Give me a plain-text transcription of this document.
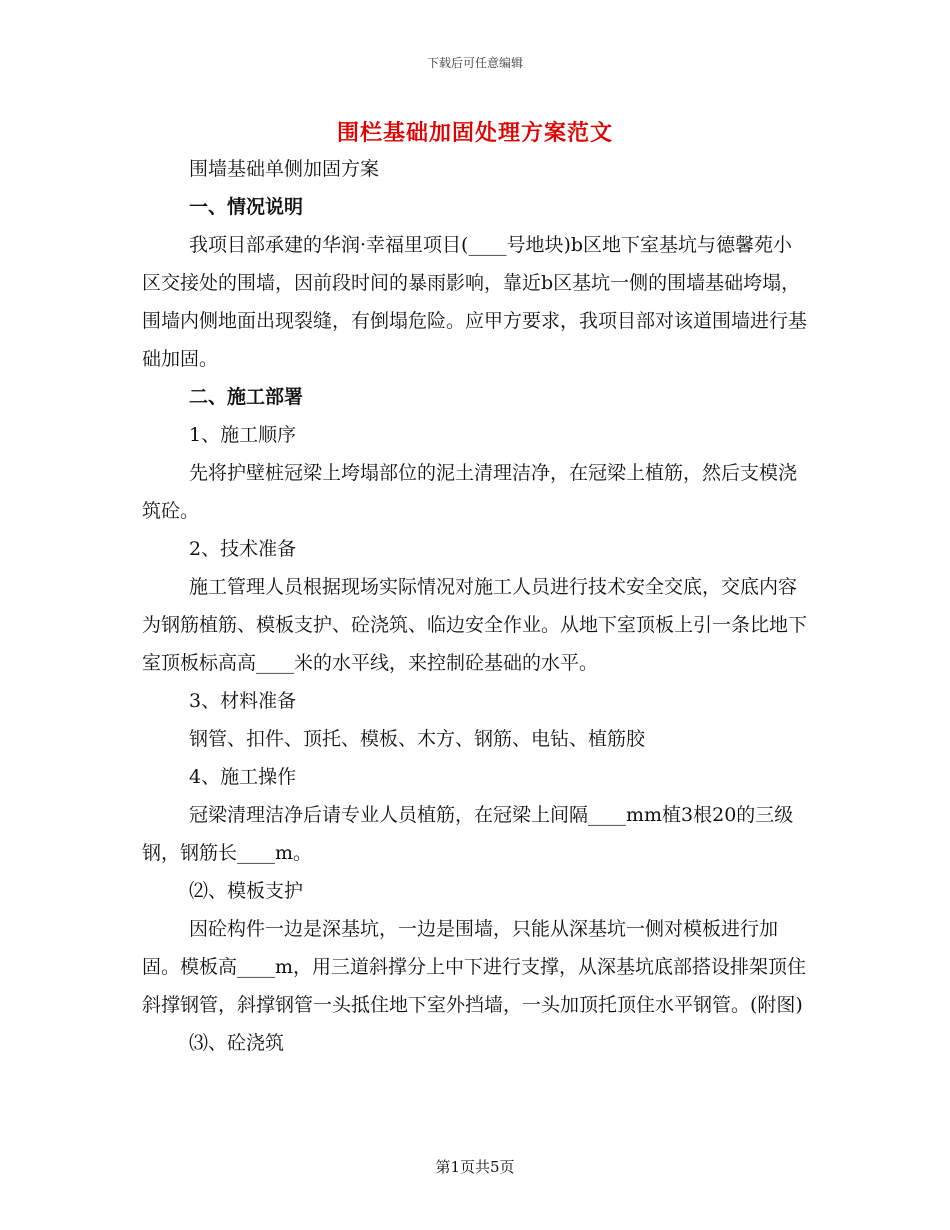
下载后可任意编辑
围栏基础加固处理方案范文

围墙基础单侧加固方案

一、情况说明

我项目部承建的华润·幸福里项目(____号地块)b区地下室基坑与德馨苑小区交接处的围墙，因前段时间的暴雨影响，靠近b区基坑一侧的围墙基础垮塌，围墙内侧地面出现裂缝，有倒塌危险。应甲方要求，我项目部对该道围墙进行基础加固。

二、施工部署

1、施工顺序

先将护壁桩冠梁上垮塌部位的泥土清理洁净，在冠梁上植筋，然后支模浇筑砼。

2、技术准备

施工管理人员根据现场实际情况对施工人员进行技术安全交底，交底内容为钢筋植筋、模板支护、砼浇筑、临边安全作业。从地下室顶板上引一条比地下室顶板标高高____米的水平线，来控制砼基础的水平。

3、材料准备

钢管、扣件、顶托、模板、木方、钢筋、电钻、植筋胶

4、施工操作

冠梁清理洁净后请专业人员植筋，在冠梁上间隔____mm植3根20的三级钢，钢筋长____m。

⑵、模板支护

因砼构件一边是深基坑，一边是围墙，只能从深基坑一侧对模板进行加固。模板高____m，用三道斜撑分上中下进行支撑，从深基坑底部搭设排架顶住斜撑钢管，斜撑钢管一头抵住地下室外挡墙，一头加顶托顶住水平钢管。(附图)

⑶、砼浇筑

第1页共5页
